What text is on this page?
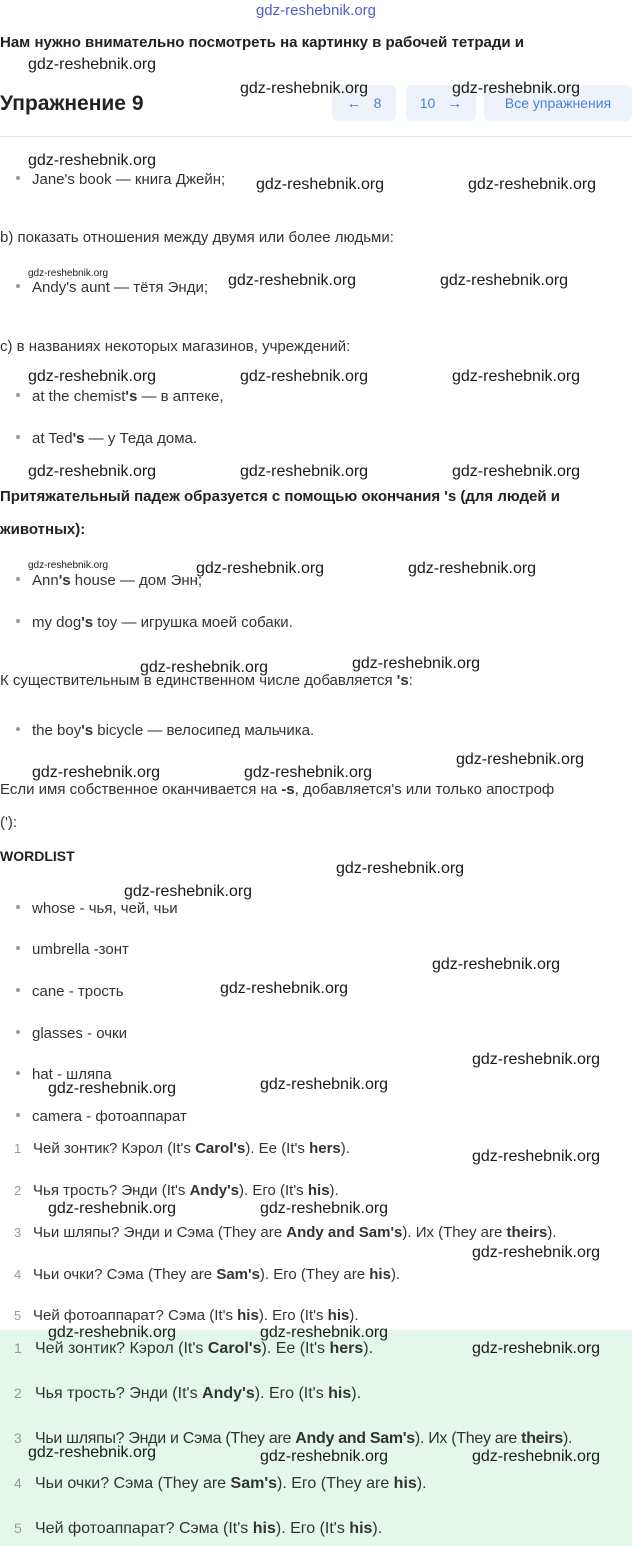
gdz-reshebnik.org
Нам нужно внимательно посмотреть на картинку в рабочей тетради и
Упражнение 9	← 8	10 →	Все упражнения
Jane's book — книга Джейн;
b) показать отношения между двумя или более людьми:
Andy's aunt — тётя Энди;
c) в названиях некоторых магазинов, учреждений:
at the chemist's — в аптеке,
at Ted's — у Теда дома.
Притяжательный падеж образуется с помощью окончания 's (для людей и
животных):
Ann's house — дом Энн;
my dog's toy — игрушка моей собаки.
К существительным в единственном числе добавляется 's:
the boy's bicycle — велосипед мальчика.
Если имя собственное оканчивается на -s, добавляется's или только апостроф
('):
WORDLIST
whose - чья, чей, чьи
umbrella -зонт
cane - трость
glasses - очки
hat - шляпа
camera - фотоаппарат
1 Чей зонтик? Кэрол (It's Carol's). Ее (It's hers).
2 Чья трость? Энди (It's Andy's). Его (It's his).
3 Чьи шляпы? Энди и Сэма (They are Andy and Sam's). Их (They are theirs).
4 Чьи очки? Сэма (They are Sam's). Его (They are his).
5 Чей фотоаппарат? Сэма (It's his). Его (It's his).
1 Чей зонтик? Кэрол (It's Carol's). Ее (It's hers).
2 Чья трость? Энди (It's Andy's). Его (It's his).
3 Чьи шляпы? Энди и Сэма (They are Andy and Sam's). Их (They are theirs).
4 Чьи очки? Сэма (They are Sam's). Его (They are his).
5 Чей фотоаппарат? Сэма (It's his). Его (It's his).
gdz-reshebnik.org
gdz-reshebnik.org	gdz-reshebnik.org
gdz-reshebnik.org
gdz-reshebnik.org	gdz-reshebnik.org
gdz-reshebnik.org	gdz-reshebnik.org	gdz-reshebnik.org
gdz-reshebnik.org	gdz-reshebnik.org	gdz-reshebnik.org
gdz-reshebnik.org	gdz-reshebnik.org	gdz-reshebnik.org
gdz-reshebnik.org	gdz-reshebnik.org	gdz-reshebnik.org
gdz-reshebnik.org	gdz-reshebnik.org
gdz-reshebnik.org
gdz-reshebnik.org	gdz-reshebnik.org
gdz-reshebnik.org
gdz-reshebnik.org
gdz-reshebnik.org
gdz-reshebnik.org
gdz-reshebnik.org
gdz-reshebnik.org	gdz-reshebnik.org
gdz-reshebnik.org
gdz-reshebnik.org	gdz-reshebnik.org
gdz-reshebnik.org
gdz-reshebnik.org	gdz-reshebnik.org
gdz-reshebnik.org
gdz-reshebnik.org	gdz-reshebnik.org	gdz-reshebnik.org
